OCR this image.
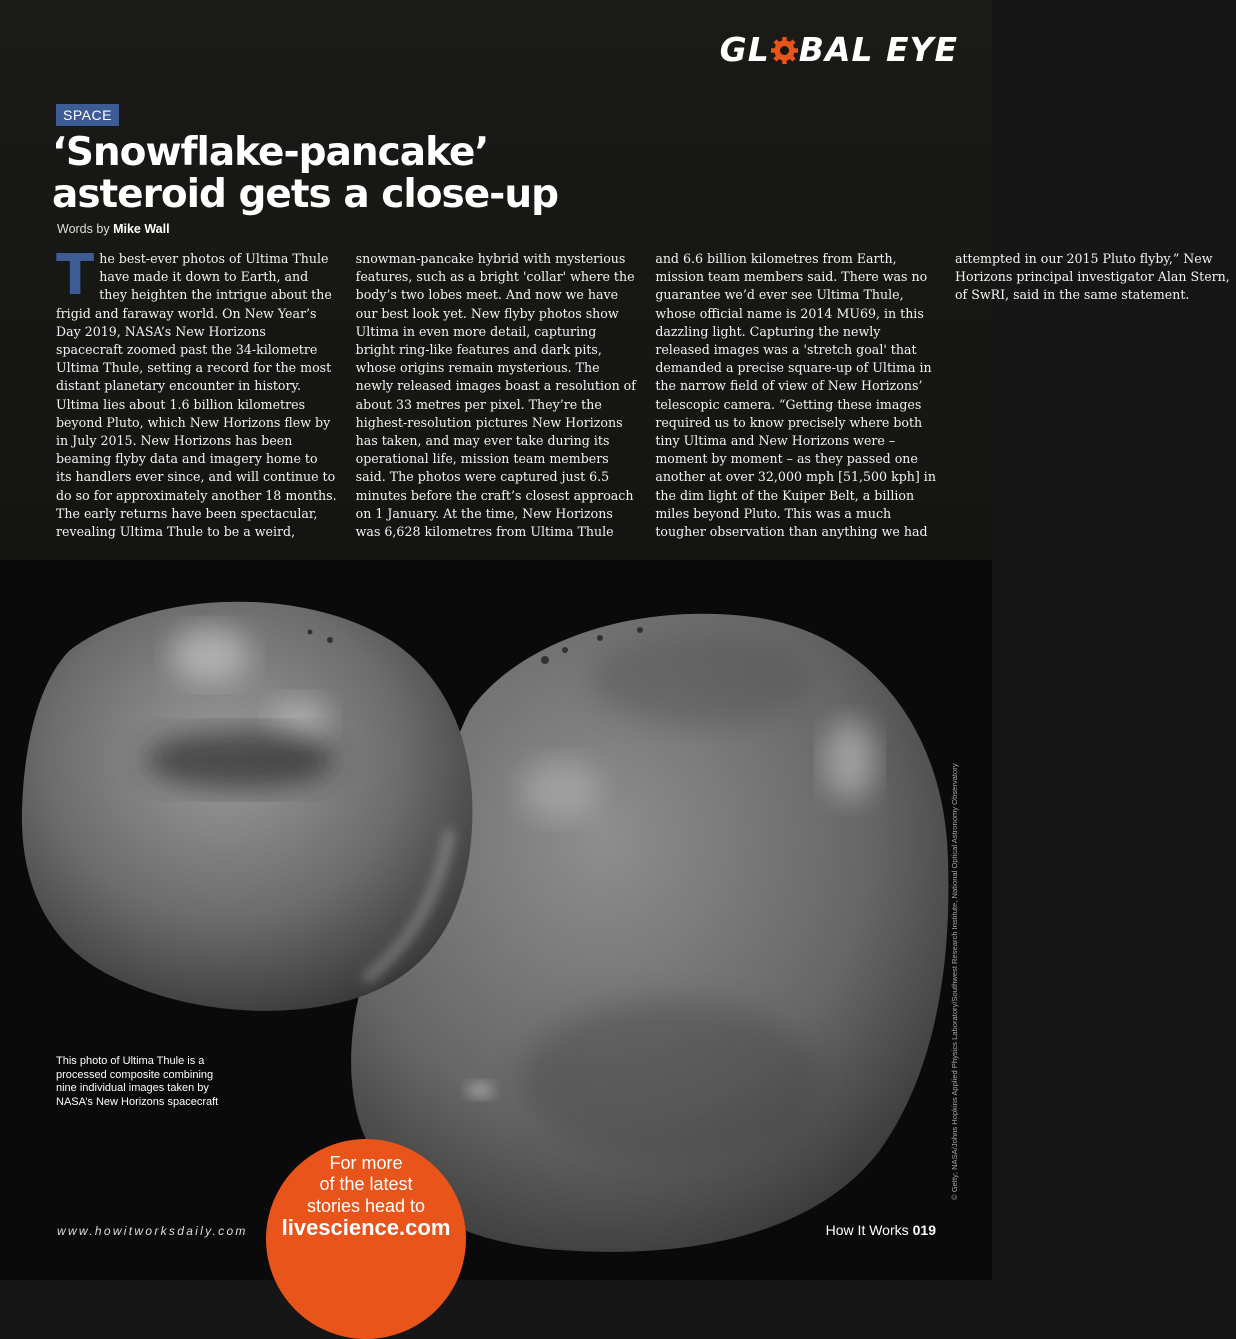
GL BAL EYE
SPACE
‘Snowflake-pancake’
asteroid gets a close-up
Words by Mike Wall

The best-ever photos of Ultima Thule have made it down to Earth, and they heighten the intrigue about the frigid and faraway world. On New Year’s Day 2019, NASA’s New Horizons spacecraft zoomed past the 34-kilometre Ultima Thule, setting a record for the most distant planetary encounter in history. Ultima lies about 1.6 billion kilometres beyond Pluto, which New Horizons flew by in July 2015. New Horizons has been beaming flyby data and imagery home to its handlers ever since, and will continue to do so for approximately another 18 months. The early returns have been spectacular, revealing Ultima Thule to be a weird, snowman-pancake hybrid with mysterious features, such as a bright 'collar' where the body’s two lobes meet. And now we have our best look yet. New flyby photos show Ultima in even more detail, capturing bright ring-like features and dark pits, whose origins remain mysterious. The newly released images boast a resolution of about 33 metres per pixel. They’re the highest-resolution pictures New Horizons has taken, and may ever take during its operational life, mission team members said. The photos were captured just 6.5 minutes before the craft’s closest approach on 1 January. At the time, New Horizons was 6,628 kilometres from Ultima Thule and 6.6 billion kilometres from Earth, mission team members said. There was no guarantee we’d ever see Ultima Thule, whose official name is 2014 MU69, in this dazzling light. Capturing the newly released images was a 'stretch goal' that demanded a precise square-up of Ultima in the narrow field of view of New Horizons’ telescopic camera. “Getting these images required us to know precisely where both tiny Ultima and New Horizons were – moment by moment – as they passed one another at over 32,000 mph [51,500 kph] in the dim light of the Kuiper Belt, a billion miles beyond Pluto. This was a much tougher observation than anything we had attempted in our 2015 Pluto flyby,” New Horizons principal investigator Alan Stern, of SwRI, said in the same statement.

This photo of Ultima Thule is a processed composite combining nine individual images taken by NASA’s New Horizons spacecraft	© Getty; NASA/Johns Hopkins Applied Physics Laboratory/Southwest Research Institute, National Optical Astronomy Observatory
For more
of the latest
stories head to
livescience.com
www.howitworksdaily.com	How It Works 019
